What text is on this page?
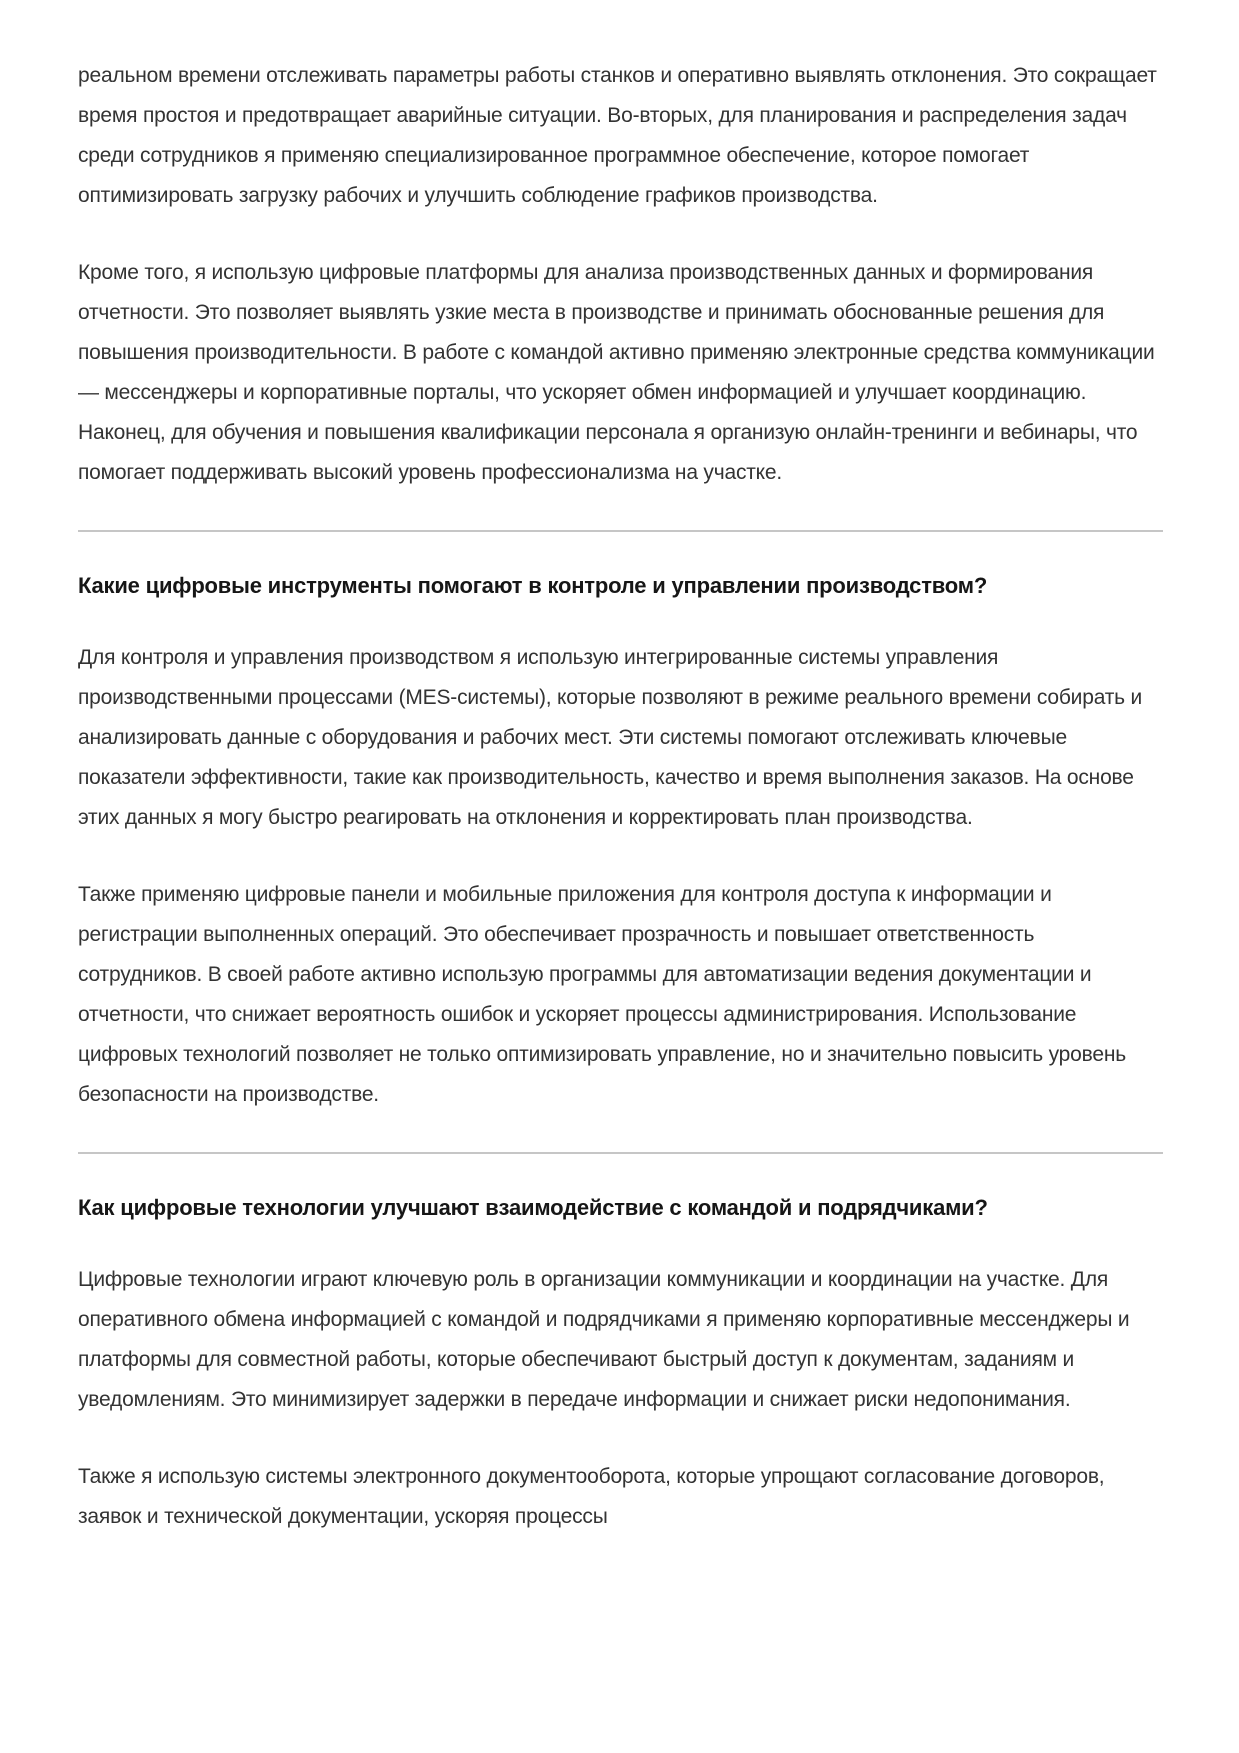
реальном времени отслеживать параметры работы станков и оперативно выявлять отклонения. Это сокращает время простоя и предотвращает аварийные ситуации. Во-вторых, для планирования и распределения задач среди сотрудников я применяю специализированное программное обеспечение, которое помогает оптимизировать загрузку рабочих и улучшить соблюдение графиков производства.

Кроме того, я использую цифровые платформы для анализа производственных данных и формирования отчетности. Это позволяет выявлять узкие места в производстве и принимать обоснованные решения для повышения производительности. В работе с командой активно применяю электронные средства коммуникации — мессенджеры и корпоративные порталы, что ускоряет обмен информацией и улучшает координацию. Наконец, для обучения и повышения квалификации персонала я организую онлайн-тренинги и вебинары, что помогает поддерживать высокий уровень профессионализма на участке.

Какие цифровые инструменты помогают в контроле и управлении производством?

Для контроля и управления производством я использую интегрированные системы управления производственными процессами (MES-системы), которые позволяют в режиме реального времени собирать и анализировать данные с оборудования и рабочих мест. Эти системы помогают отслеживать ключевые показатели эффективности, такие как производительность, качество и время выполнения заказов. На основе этих данных я могу быстро реагировать на отклонения и корректировать план производства.

Также применяю цифровые панели и мобильные приложения для контроля доступа к информации и регистрации выполненных операций. Это обеспечивает прозрачность и повышает ответственность сотрудников. В своей работе активно использую программы для автоматизации ведения документации и отчетности, что снижает вероятность ошибок и ускоряет процессы администрирования. Использование цифровых технологий позволяет не только оптимизировать управление, но и значительно повысить уровень безопасности на производстве.

Как цифровые технологии улучшают взаимодействие с командой и подрядчиками?

Цифровые технологии играют ключевую роль в организации коммуникации и координации на участке. Для оперативного обмена информацией с командой и подрядчиками я применяю корпоративные мессенджеры и платформы для совместной работы, которые обеспечивают быстрый доступ к документам, заданиям и уведомлениям. Это минимизирует задержки в передаче информации и снижает риски недопонимания.

Также я использую системы электронного документооборота, которые упрощают согласование договоров, заявок и технической документации, ускоряя процессы
